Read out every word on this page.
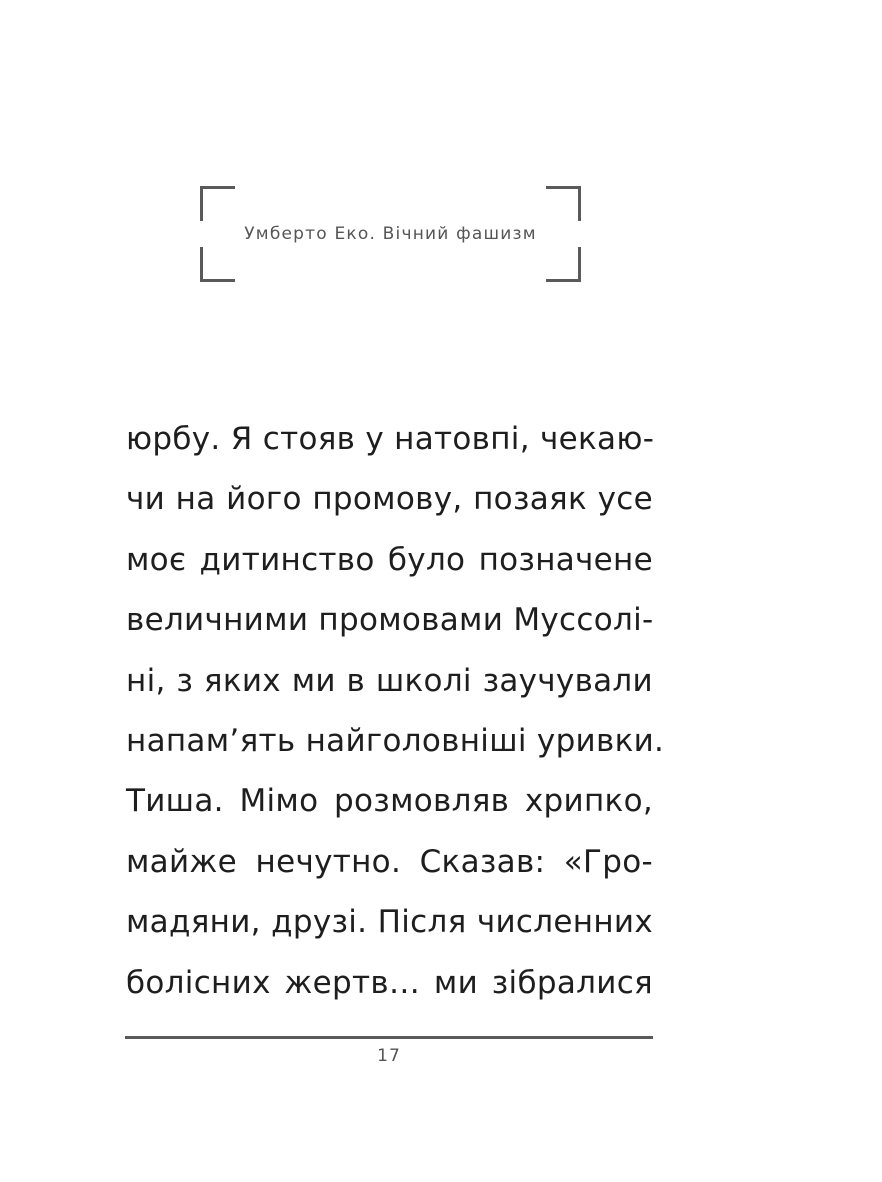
Умберто Еко. Вічний фашизм
юрбу. Я стояв у натовпі, чекаю-
чи на його промову, позаяк усе
моє дитинство було позначене
величними промовами Муссолі-
ні, з яких ми в школі заучували
напам’ять найголовніші уривки.
Тиша. Мімо розмовляв хрипко,
майже нечутно. Сказав: «Гро-
мадяни, друзі. Після численних
болісних жертв… ми зібралися
17
